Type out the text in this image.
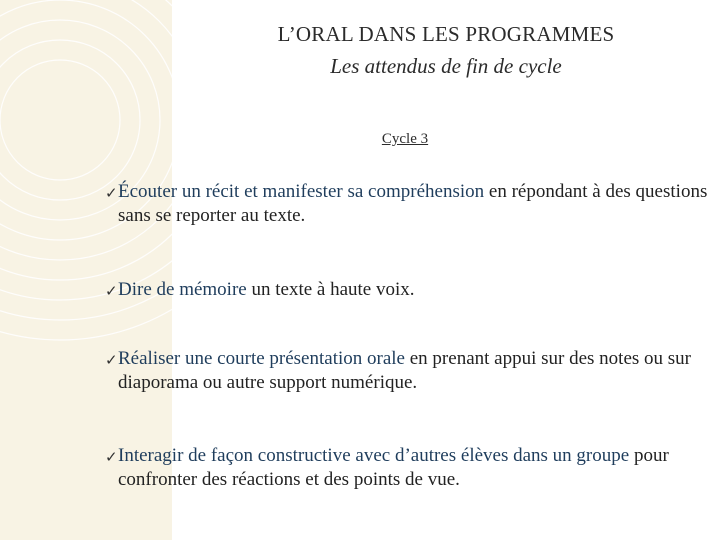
L’ORAL DANS LES PROGRAMMES
Les attendus de fin de cycle
Cycle 3
✓ Écouter un récit et manifester sa compréhension en répondant à des questions sans se reporter au texte.
✓ Dire de mémoire un texte à haute voix.
✓ Réaliser une courte présentation orale en prenant appui sur des notes ou sur diaporama ou autre support numérique.
✓ Interagir de façon constructive avec d’autres élèves dans un groupe pour confronter des réactions et des points de vue.
